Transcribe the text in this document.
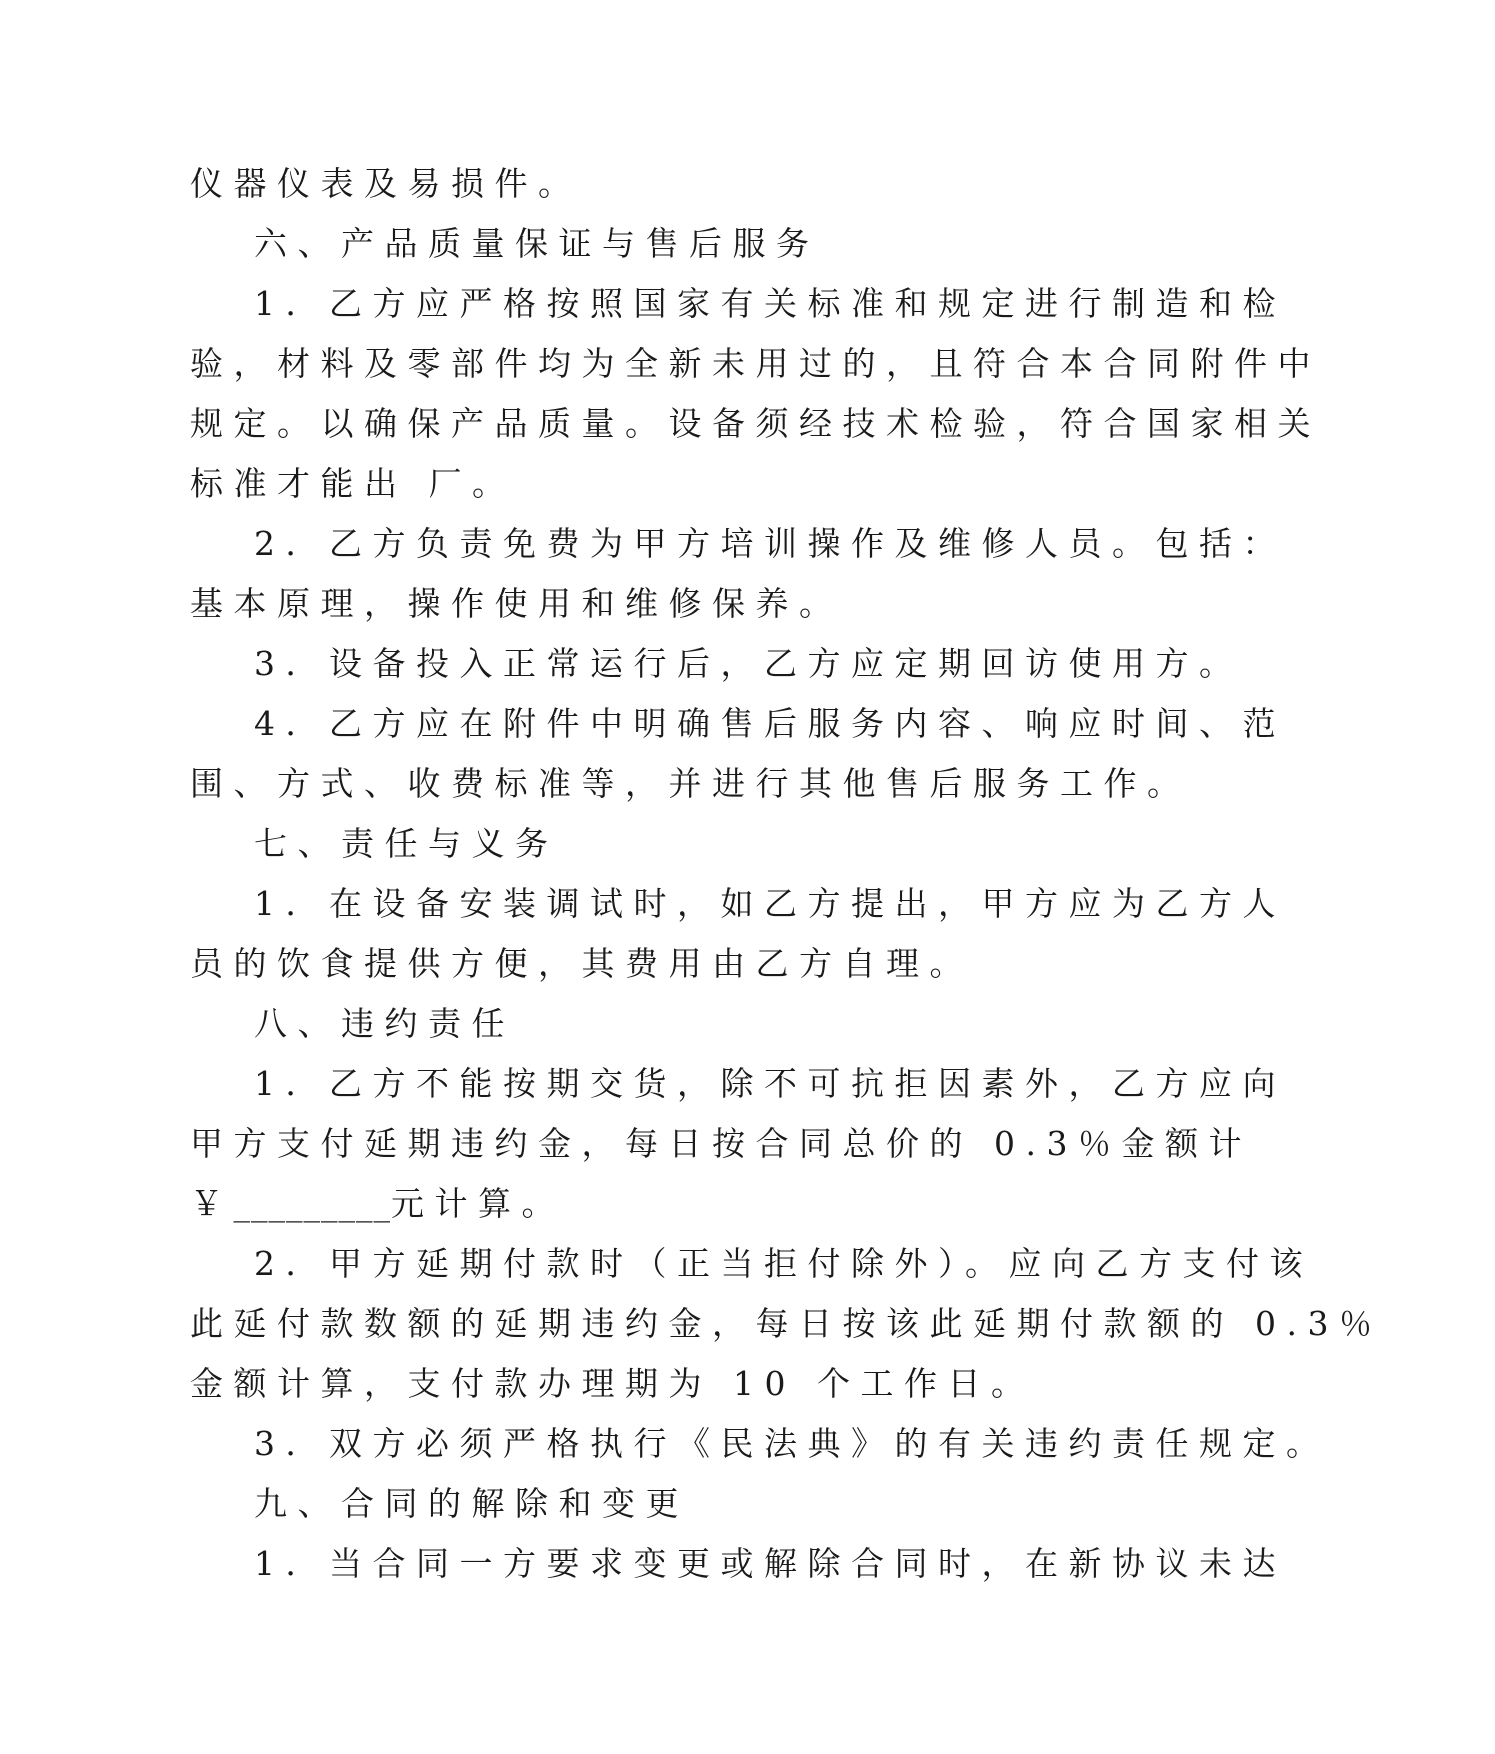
仪器仪表及易损件。
六、产品质量保证与售后服务
1．乙方应严格按照国家有关标准和规定进行制造和检
验，材料及零部件均为全新未用过的，且符合本合同附件中
规定。以确保产品质量。设备须经技术检验，符合国家相关
标准才能出 厂。
2．乙方负责免费为甲方培训操作及维修人员。包括：
基本原理，操作使用和维修保养。
3．设备投入正常运行后，乙方应定期回访使用方。
4．乙方应在附件中明确售后服务内容、响应时间、范
围、方式、收费标准等，并进行其他售后服务工作。
七、责任与义务
1．在设备安装调试时，如乙方提出，甲方应为乙方人
员的饮食提供方便，其费用由乙方自理。
八、违约责任
1．乙方不能按期交货，除不可抗拒因素外，乙方应向
甲方支付延期违约金，每日按合同总价的 0.3％金额计
￥_________元计算。
2．甲方延期付款时（正当拒付除外）。应向乙方支付该
此延付款数额的延期违约金，每日按该此延期付款额的 0.3％
金额计算，支付款办理期为 10 个工作日。
3．双方必须严格执行《民法典》的有关违约责任规定。
九、合同的解除和变更
1．当合同一方要求变更或解除合同时，在新协议未达
